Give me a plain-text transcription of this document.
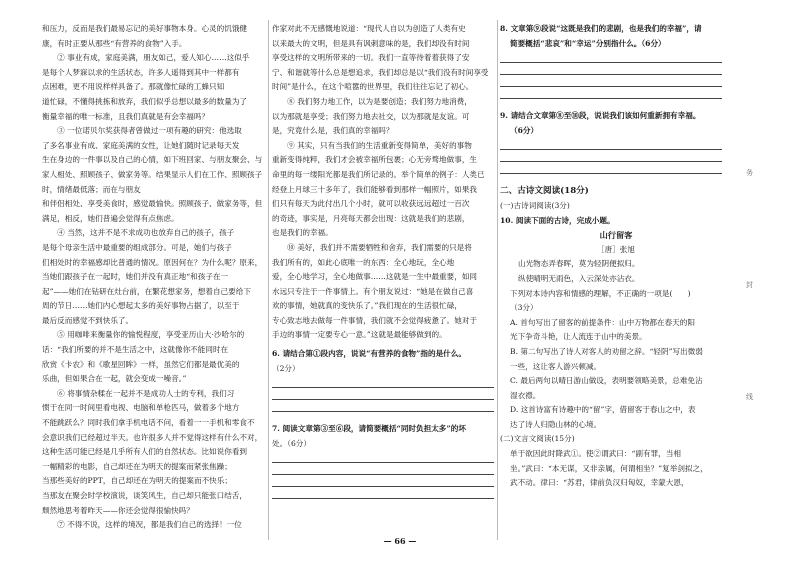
和压力，反而是我们最易忘记的美好事物本身。心灵的饥饿健

康，有时正要从那些“有营养的食物”入手。

　　② 事业有成，家庭美满，朋友如己，爱人知心……这似乎

是每个人梦寐以求的生活状态，许多人遥得到其中一样都有

点困难，更不用说样样具备了。那就像忙碌的工蜂只知

道忙碌，不懂得挑拣和放弃，我们似乎总想以最多的数量为了

衡量幸福的唯一标准，且我们真就是有会幸福吗？

　　③ 一位诺贝尔奖获得者曾做过一项有趣的研究：他选取

了多名事业有成、家庭美满的女性，让她们随时记录每天发

生在身边的一件事以及自己的心情，如下班回家、与朋友聚会、与

家人相处、照顾孩子、做家务等。结果显示人们在工作、照顾孩子

时，情绪最低落；而在与朋友

和伴侣相处、享受美食时，感觉最愉快。照顾孩子、做家务等，但

满足，相反，她们普遍会觉得有点焦虑。

　　④ 当然，这并不是不求成功也放弃自己的孩子，孩子

是每个母亲生活中最重要的组成部分。可是，她们与孩子

们相处时的幸福感却比普通的情况。原因何在？为什么呢？原来，

当她们跟孩子在一起时，她们并没有真正地“和孩子在一

起”——她们在钻研在灶台前，在繁花想家务，想着自己要给下

周的节日……她们内心想起太多的美好事物占据了，以至于

最后反而感觉不到快乐了。

　　⑤ 用咖啡来衡量你的愉悦程度，享受亚历山大·沙哈尔的

话：“我们所要的并不是生活之中，这就像你不能同时在

欣赏《卡农》和《歌星回眸》一样，虽然它们都是最优美的

乐曲，但如果合在一起，就会变成一噪音。”

　　⑥ 将事情杂糅在一起并不是成功人士的专利，我们习

惯于在同一时间里看电视、电脑和单枪匹马，做着多个地方

不能跳跃么？同时我们拿手机电话不问，看着一一手机和零食不

会意识我们已经超过半天。也许很多人并不觉得这样有什么不对，

这种生活可能已经是几乎所有人们的自然状态。比如说你看到

一幅精彩的电影，自己却还在为明天的提案而紧张焦躁；

当那些美好的PPT，自己却还在为明天的提案而不快乐；

当那友在聚会时学校演说，谈笑风生，自己却只能张口结舌，

颓然地思考着昨天——你还会觉得很愉快吗？

　　⑦ 不得不说，这样的境况，都是我们自己的选择！一位

作家对此不无感慨地说道：“现代人自以为创造了人类有史

以来最大的文明，但是具有讽刺意味的是，我们却没有时间

享受这样的文明所带来的一切。我们一直等待着着获得了安

宁、和谐就等什么总是想追求，我们却总是以“我们没有时间享受

时间”是什么，在这个喧嚣的世界里，我们往往忘记了初心。

　　⑧ 我们努力地工作，以为是要创造；我们努力地消费，

以为那就是享受；我们努力地去社交，以为那就是友谊。可

是，究竟什么是，我们真的幸福吗？

　　⑨ 其实，只有当我们的生活重新变得简单，美好的事物

重新变得纯粹，我们才会被幸福所包裹；心无旁骛地做事，生

命里的每一缕阳光都是我们所记录的。举个简单的例子：人类已

经登上月球三十多年了，我们能够看到那样一幅照片，如果我

们只有每天为此付出几个小时，就可以收获远远超过一百次

的奇迹，事实是，月亮每天都会出现：这就是我们的悲剧，

也是我们的幸福。

　　⑩ 美好，我们并不需要牺牲和舍弃，我们需要的只是将

我们所有的，如此心底唯一的东西：全心地玩，全心地

爱，全心地学习，全心地做事……这就是一生中最重要，如同

水远只专注于一件事情上。有个朋友说过：“她是在做自己喜

欢的事情，她就真的变快乐了。”我们现在的生活很忙碌，

专心致志地去做每一件事情，我们就不会觉得疲惫了。她对于

手边的事情一定要专心一意。”这就是最能够做到的。

6. 请结合第①段内容，说说“有营养的食物”指的是什么。

（2分）

7. 阅读文章第③至⑥段，请简要概括“同时负担太多”的坏

处。（6分）

8. 文章第⑨段说“这既是我们的悲剧，也是我们的幸福”，请

简要概括“悲哀”和“幸运”分别指什么。（6分）

9. 请结合文章第⑧至⑩段，说说我们该如何重新拥有幸福。

（6分）

二、古诗文阅读(18分)

(一)古诗词阅读(3分)

10. 阅读下面的古诗，完成小题。

山行留客

［唐］张旭

山光物态弄春晖，莫为轻阴便拟归。

纵使晴明无雨色，入云深处亦沾衣。

下列对本诗内容和情感的理解，不正确的一项是(　　)

（3分）

A. 首句写出了留客的前提条件：山中万物都在春天的阳

光下争奇斗艳，让人流连于山中的美景。

B. 第二句写出了诗人对客人的劝留之辞。“轻阴”写出微弱

一些，这让客人游兴顿减。

C. 最后两句以晴日游山做设，表明要领略美景，总难免沾

湿衣襟。

D. 这首诗富有诗趣中的“留”字，借留客于春山之中，表

达了诗人归隐山林的心境。

(二)文言文阅读(15分)

单于欲因此时降武①。使②谓武曰：“副有罪，当相

坐。”武曰：“本无谋，又非亲属，何谓相坐？”复举剑拟之，

武不动。律曰：“苏君，律前负汉归匈奴，幸蒙大恩，

务
封
线
— 66 —
